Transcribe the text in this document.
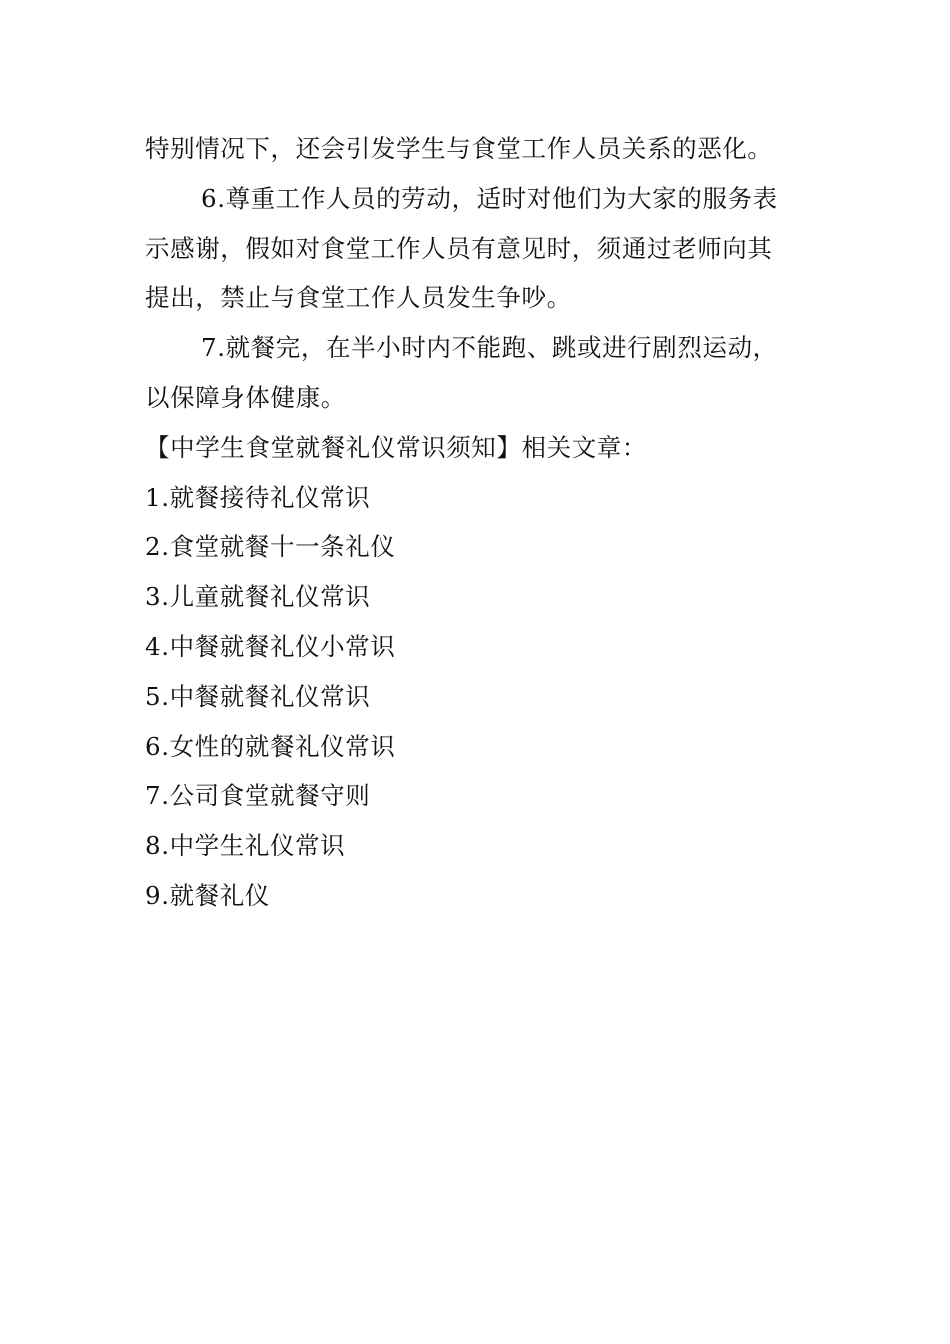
特别情况下，还会引发学生与食堂工作人员关系的恶化。
6.尊重工作人员的劳动，适时对他们为大家的服务表
示感谢，假如对食堂工作人员有意见时，须通过老师向其
提出，禁止与食堂工作人员发生争吵。
7.就餐完，在半小时内不能跑、跳或进行剧烈运动，
以保障身体健康。
【中学生食堂就餐礼仪常识须知】相关文章：
1.就餐接待礼仪常识
2.食堂就餐十一条礼仪
3.儿童就餐礼仪常识
4.中餐就餐礼仪小常识
5.中餐就餐礼仪常识
6.女性的就餐礼仪常识
7.公司食堂就餐守则
8.中学生礼仪常识
9.就餐礼仪
